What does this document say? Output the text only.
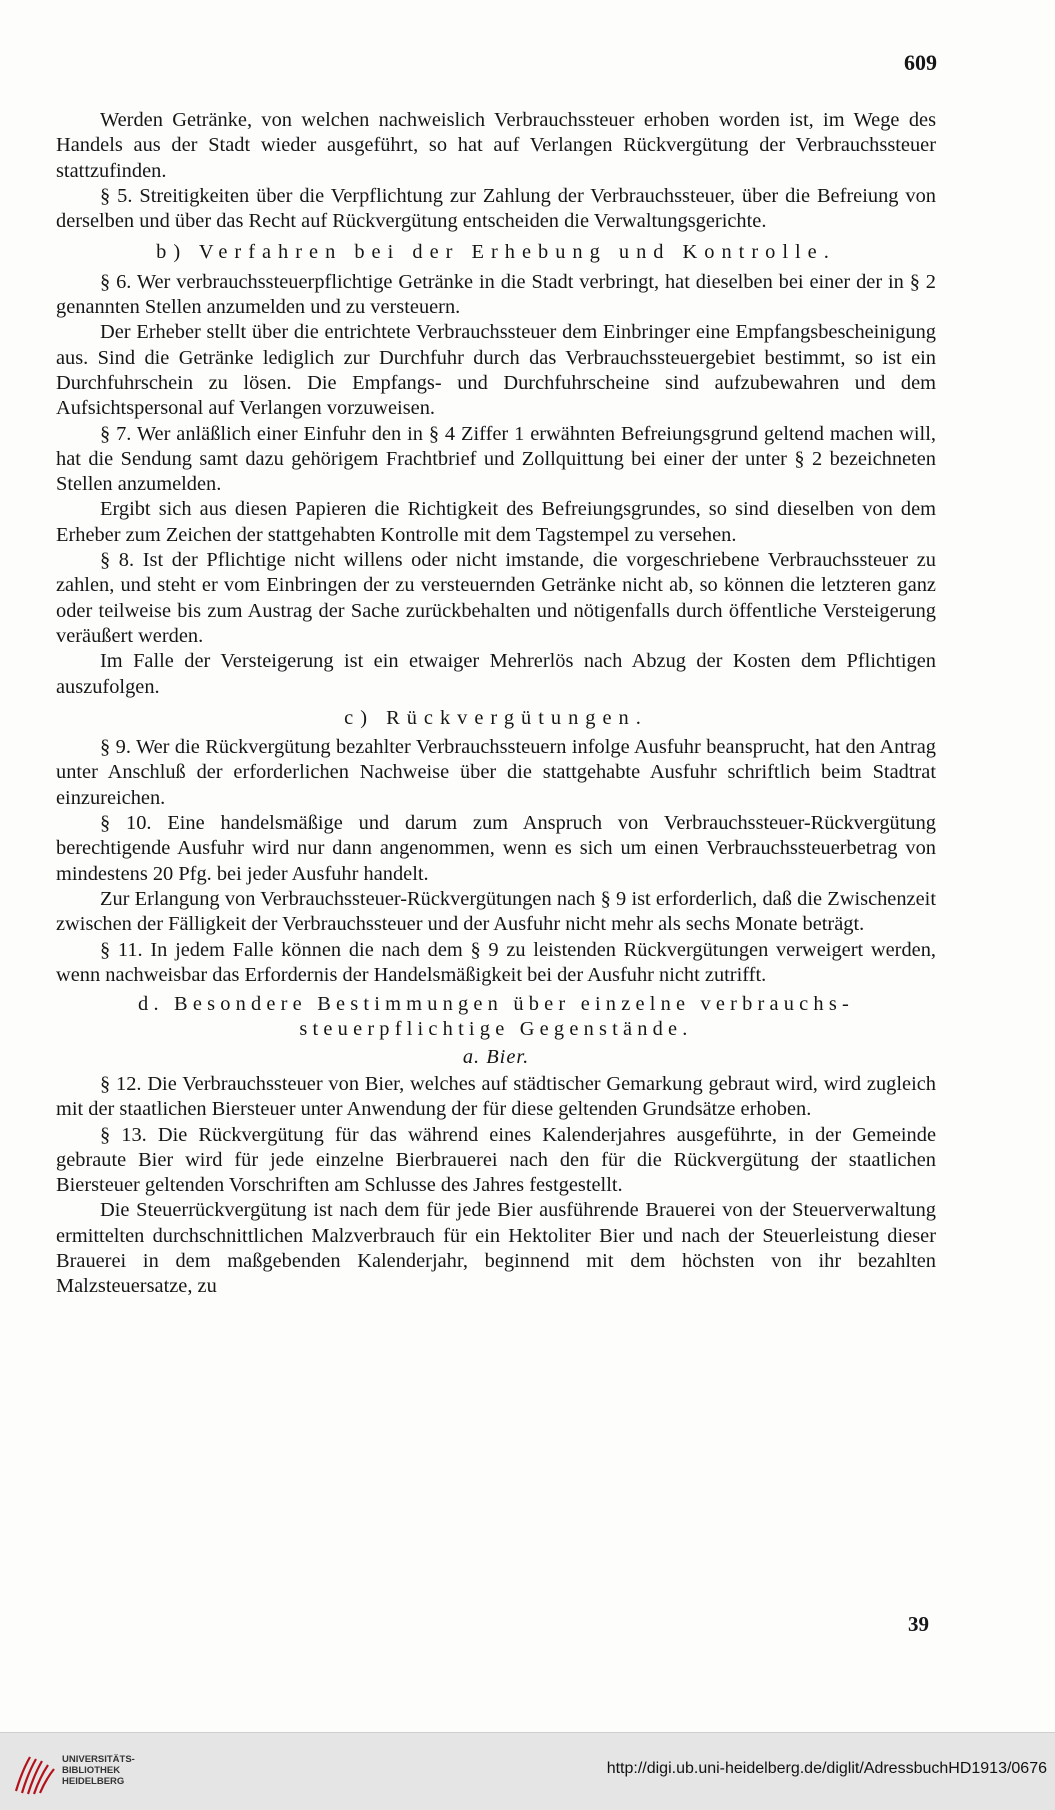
609

Werden Getränke, von welchen nachweislich Verbrauchssteuer erhoben worden ist, im Wege des Handels aus der Stadt wieder ausgeführt, so hat auf Verlangen Rückvergütung der Verbrauchssteuer stattzufinden.

§ 5. Streitigkeiten über die Verpflichtung zur Zahlung der Verbrauchssteuer, über die Befreiung von derselben und über das Recht auf Rückvergütung entscheiden die Verwaltungsgerichte.

b) Verfahren bei der Erhebung und Kontrolle.

§ 6. Wer verbrauchssteuerpflichtige Getränke in die Stadt verbringt, hat dieselben bei einer der in § 2 genannten Stellen anzumelden und zu versteuern.

Der Erheber stellt über die entrichtete Verbrauchssteuer dem Einbringer eine Empfangsbescheinigung aus. Sind die Getränke lediglich zur Durchfuhr durch das Verbrauchssteuergebiet bestimmt, so ist ein Durchfuhrschein zu lösen. Die Empfangs- und Durchfuhrscheine sind aufzubewahren und dem Aufsichtspersonal auf Verlangen vorzuweisen.

§ 7. Wer anläßlich einer Einfuhr den in § 4 Ziffer 1 erwähnten Befreiungsgrund geltend machen will, hat die Sendung samt dazu gehörigem Frachtbrief und Zollquittung bei einer der unter § 2 bezeichneten Stellen anzumelden.

Ergibt sich aus diesen Papieren die Richtigkeit des Befreiungsgrundes, so sind dieselben von dem Erheber zum Zeichen der stattgehabten Kontrolle mit dem Tagstempel zu versehen.

§ 8. Ist der Pflichtige nicht willens oder nicht imstande, die vorgeschriebene Verbrauchssteuer zu zahlen, und steht er vom Einbringen der zu versteuernden Getränke nicht ab, so können die letzteren ganz oder teilweise bis zum Austrag der Sache zurückbehalten und nötigenfalls durch öffentliche Versteigerung veräußert werden.

Im Falle der Versteigerung ist ein etwaiger Mehrerlös nach Abzug der Kosten dem Pflichtigen auszufolgen.

c) Rückvergütungen.

§ 9. Wer die Rückvergütung bezahlter Verbrauchssteuern infolge Ausfuhr beansprucht, hat den Antrag unter Anschluß der erforderlichen Nachweise über die stattgehabte Ausfuhr schriftlich beim Stadtrat einzureichen.

§ 10. Eine handelsmäßige und darum zum Anspruch von Verbrauchssteuer-Rückvergütung berechtigende Ausfuhr wird nur dann angenommen, wenn es sich um einen Verbrauchssteuerbetrag von mindestens 20 Pfg. bei jeder Ausfuhr handelt.

Zur Erlangung von Verbrauchssteuer-Rückvergütungen nach § 9 ist erforderlich, daß die Zwischenzeit zwischen der Fälligkeit der Verbrauchssteuer und der Ausfuhr nicht mehr als sechs Monate beträgt.

§ 11. In jedem Falle können die nach dem § 9 zu leistenden Rückvergütungen verweigert werden, wenn nachweisbar das Erfordernis der Handelsmäßigkeit bei der Ausfuhr nicht zutrifft.

d. Besondere Bestimmungen über einzelne verbrauchs-
steuerpflichtige Gegenstände.

a. Bier.

§ 12. Die Verbrauchssteuer von Bier, welches auf städtischer Gemarkung gebraut wird, wird zugleich mit der staatlichen Biersteuer unter Anwendung der für diese geltenden Grundsätze erhoben.

§ 13. Die Rückvergütung für das während eines Kalenderjahres ausgeführte, in der Gemeinde gebraute Bier wird für jede einzelne Bierbrauerei nach den für die Rückvergütung der staatlichen Biersteuer geltenden Vorschriften am Schlusse des Jahres festgestellt.

Die Steuerrückvergütung ist nach dem für jede Bier ausführende Brauerei von der Steuerverwaltung ermittelten durchschnittlichen Malzverbrauch für ein Hektoliter Bier und nach der Steuerleistung dieser Brauerei in dem maßgebenden Kalenderjahr, beginnend mit dem höchsten von ihr bezahlten Malzsteuersatze, zu

39
UNIVERSITÄTS-
BIBLIOTHEK
HEIDELBERG
http://digi.ub.uni-heidelberg.de/diglit/AdressbuchHD1913/0676
